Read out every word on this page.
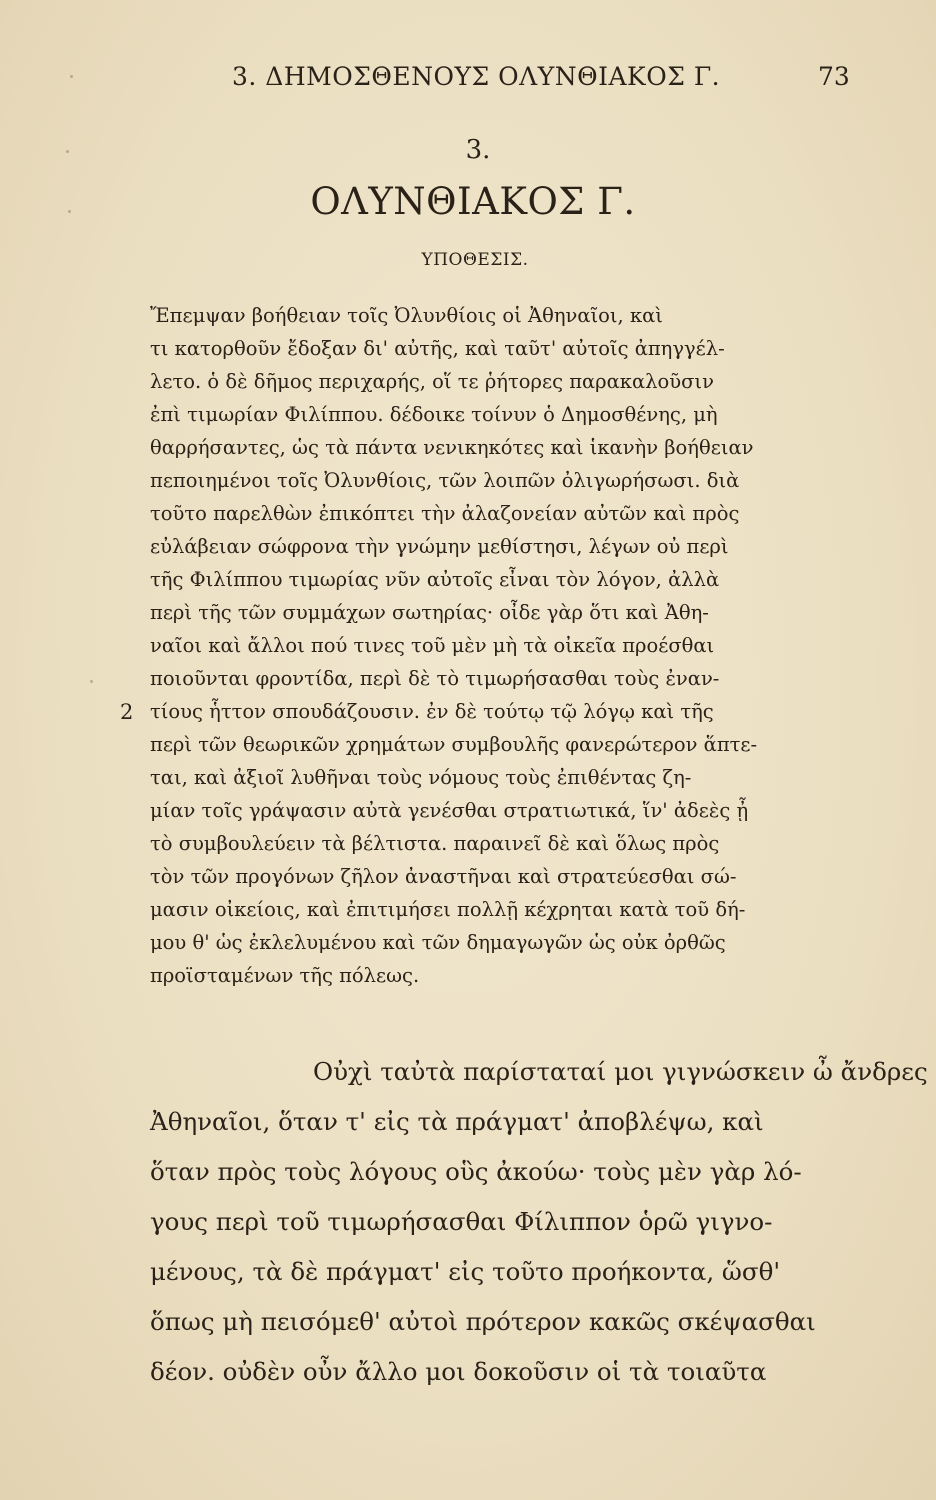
3. ΔΗΜΟΣΘΕΝΟΥΣ ΟΛΥΝΘΙΑΚΟΣ Γ.	73
3.
ΟΛΥΝΘΙΑΚΟΣ Γ.
ΥΠΟΘΕΣΙΣ.
Ἔπεμψαν βοήθειαν τοῖς Ὀλυνθίοις οἱ Ἀθηναῖοι, καὶ
τι κατορθοῦν ἔδοξαν δι' αὐτῆς, καὶ ταῦτ' αὐτοῖς ἀπηγγέλ-
λετο. ὁ δὲ δῆμος περιχαρής, οἵ τε ῥήτορες παρακαλοῦσιν
ἐπὶ τιμωρίαν Φιλίππου. δέδοικε τοίνυν ὁ Δημοσθένης, μὴ
θαρρήσαντες, ὡς τὰ πάντα νενικηκότες καὶ ἱκανὴν βοήθειαν
πεποιημένοι τοῖς Ὀλυνθίοις, τῶν λοιπῶν ὀλιγωρήσωσι. διὰ
τοῦτο παρελθὼν ἐπικόπτει τὴν ἀλαζονείαν αὐτῶν καὶ πρὸς
εὐλάβειαν σώφρονα τὴν γνώμην μεθίστησι, λέγων οὐ περὶ
τῆς Φιλίππου τιμωρίας νῦν αὐτοῖς εἶναι τὸν λόγον, ἀλλὰ
περὶ τῆς τῶν συμμάχων σωτηρίας· οἶδε γὰρ ὅτι καὶ Ἀθη-
ναῖοι καὶ ἄλλοι πού τινες τοῦ μὲν μὴ τὰ οἰκεῖα προέσθαι
ποιοῦνται φροντίδα, περὶ δὲ τὸ τιμωρήσασθαι τοὺς ἐναν-
τίους ἧττον σπουδάζουσιν. ἐν δὲ τούτῳ τῷ λόγῳ καὶ τῆς
περὶ τῶν θεωρικῶν χρημάτων συμβουλῆς φανερώτερον ἅπτε-
ται, καὶ ἀξιοῖ λυθῆναι τοὺς νόμους τοὺς ἐπιθέντας ζη-
μίαν τοῖς γράψασιν αὐτὰ γενέσθαι στρατιωτικά, ἵν' ἀδεὲς ᾖ
τὸ συμβουλεύειν τὰ βέλτιστα. παραινεῖ δὲ καὶ ὅλως πρὸς
τὸν τῶν προγόνων ζῆλον ἀναστῆναι καὶ στρατεύεσθαι σώ-
μασιν οἰκείοις, καὶ ἐπιτιμήσει πολλῇ κέχρηται κατὰ τοῦ δή-
μου θ' ὡς ἐκλελυμένου καὶ τῶν δημαγωγῶν ὡς οὐκ ὀρθῶς
προϊσταμένων τῆς πόλεως.
2
Οὐχὶ ταὐτὰ παρίσταταί μοι γιγνώσκειν ὦ ἄνδρες
Ἀθηναῖοι, ὅταν τ' εἰς τὰ πράγματ' ἀποβλέψω, καὶ
ὅταν πρὸς τοὺς λόγους οὓς ἀκούω· τοὺς μὲν γὰρ λό-
γους περὶ τοῦ τιμωρήσασθαι Φίλιππον ὁρῶ γιγνο-
μένους, τὰ δὲ πράγματ' εἰς τοῦτο προήκοντα, ὥσθ'
ὅπως μὴ πεισόμεθ' αὐτοὶ πρότερον κακῶς σκέψασθαι
δέον. οὐδὲν οὖν ἄλλο μοι δοκοῦσιν οἱ τὰ τοιαῦτα
